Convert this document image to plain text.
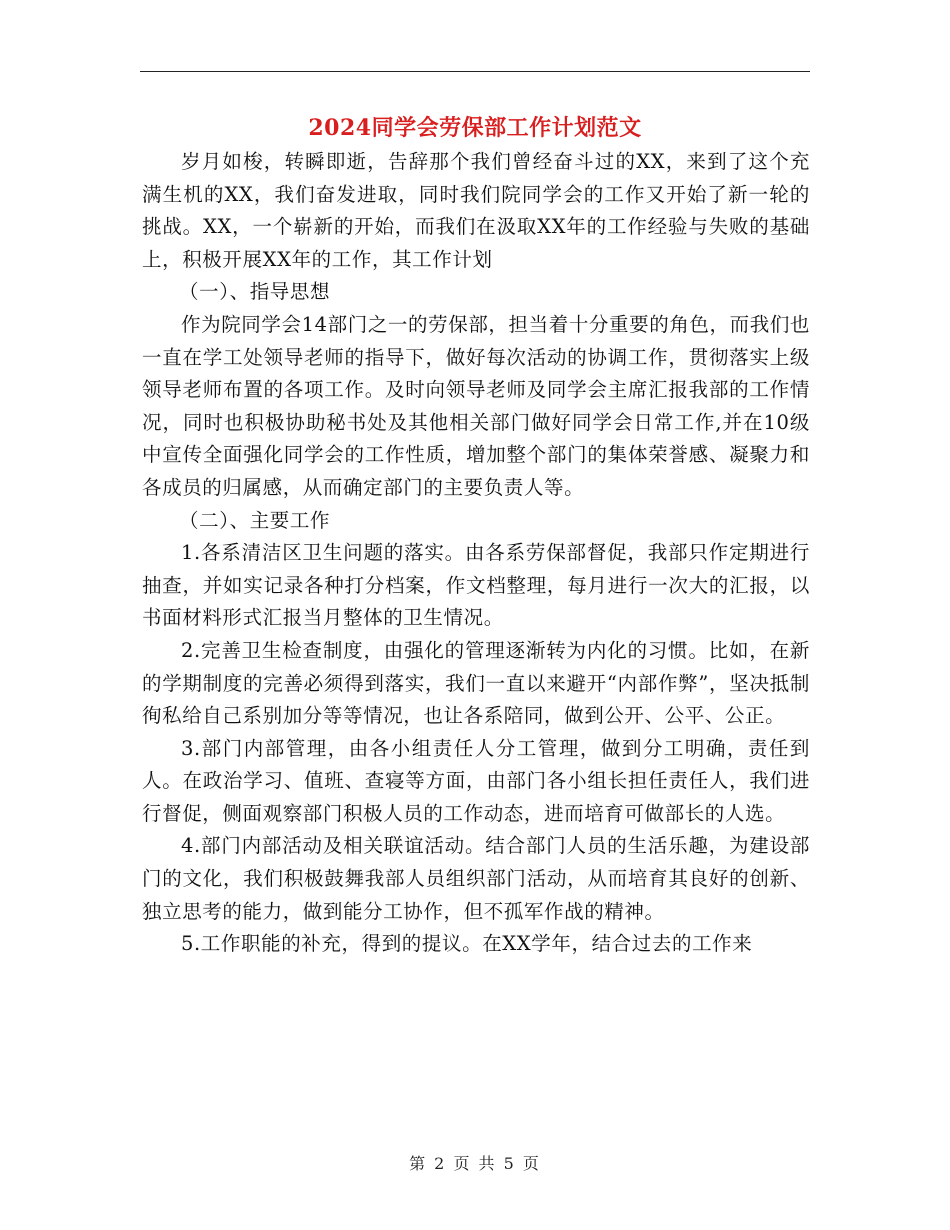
2024同学会劳保部工作计划范文

岁月如梭，转瞬即逝，告辞那个我们曾经奋斗过的XX，来到了这个充满生机的XX，我们奋发进取，同时我们院同学会的工作又开始了新一轮的挑战。XX，一个崭新的开始，而我们在汲取XX年的工作经验与失败的基础上，积极开展XX年的工作，其工作计划

（一）、指导思想

作为院同学会14部门之一的劳保部，担当着十分重要的角色，而我们也一直在学工处领导老师的指导下，做好每次活动的协调工作，贯彻落实上级领导老师布置的各项工作。及时向领导老师及同学会主席汇报我部的工作情况，同时也积极协助秘书处及其他相关部门做好同学会日常工作,并在10级中宣传全面强化同学会的工作性质，增加整个部门的集体荣誉感、凝聚力和各成员的归属感，从而确定部门的主要负责人等。

（二）、主要工作

1.各系清洁区卫生问题的落实。由各系劳保部督促，我部只作定期进行抽查，并如实记录各种打分档案，作文档整理，每月进行一次大的汇报，以书面材料形式汇报当月整体的卫生情况。

2.完善卫生检查制度，由强化的管理逐渐转为内化的习惯。比如，在新的学期制度的完善必须得到落实，我们一直以来避开“内部作弊”，坚决抵制徇私给自己系别加分等等情况，也让各系陪同，做到公开、公平、公正。

3.部门内部管理，由各小组责任人分工管理，做到分工明确，责任到人。在政治学习、值班、查寝等方面，由部门各小组长担任责任人，我们进行督促，侧面观察部门积极人员的工作动态，进而培育可做部长的人选。

4.部门内部活动及相关联谊活动。结合部门人员的生活乐趣，为建设部门的文化，我们积极鼓舞我部人员组织部门活动，从而培育其良好的创新、独立思考的能力，做到能分工协作，但不孤军作战的精神。

5.工作职能的补充，得到的提议。在XX学年，结合过去的工作来

第 2 页 共 5 页
